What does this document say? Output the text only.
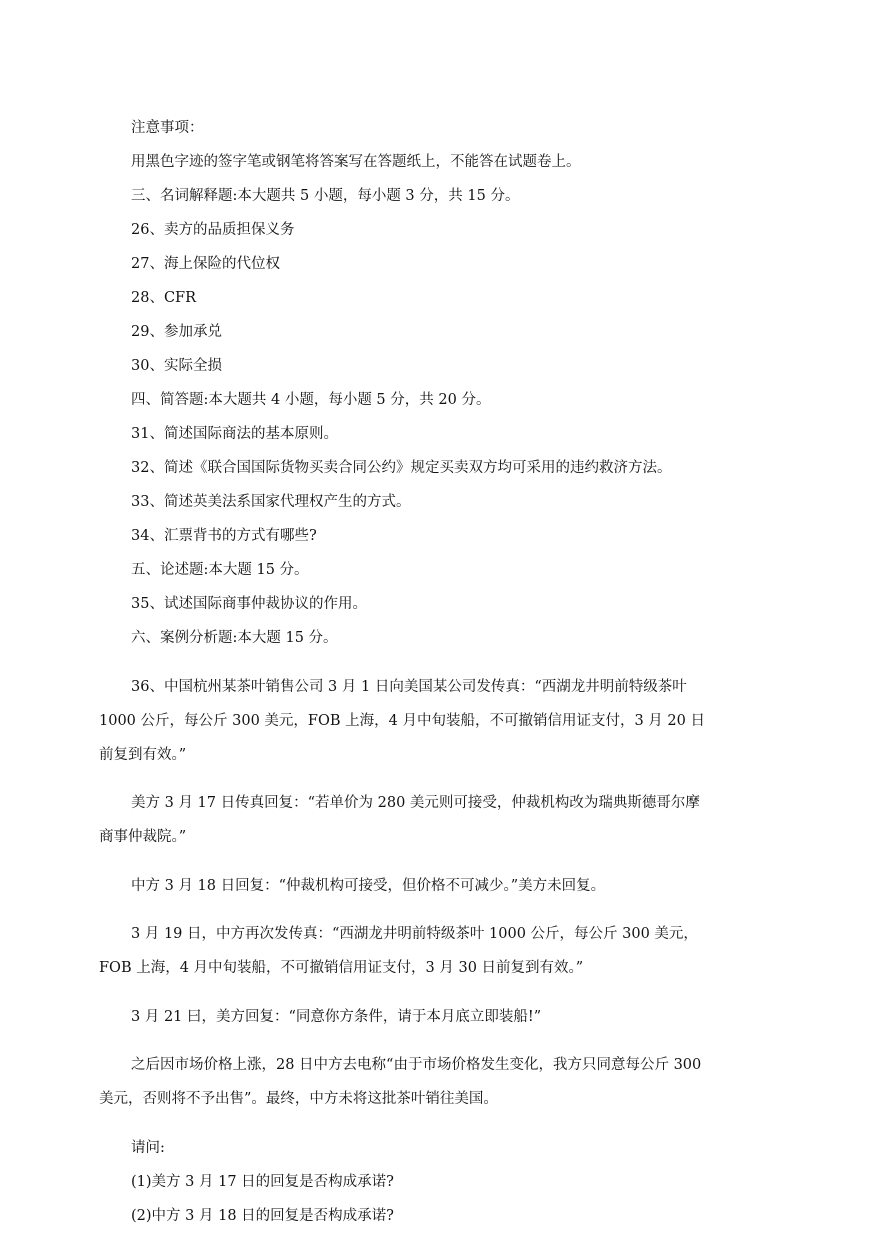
注意事项：

用黑色字迹的签字笔或钢笔将答案写在答题纸上，不能答在试题卷上。

三、名词解释题:本大题共 5 小题，每小题 3 分，共 15 分。

26、卖方的品质担保义务

27、海上保险的代位权

28、CFR

29、参加承兑

30、实际全损

四、简答题:本大题共 4 小题，每小题 5 分，共 20 分。

31、简述国际商法的基本原则。

32、简述《联合国国际货物买卖合同公约》规定买卖双方均可采用的违约救济方法。

33、简述英美法系国家代理权产生的方式。

34、汇票背书的方式有哪些?

五、论述题:本大题 15 分。

35、试述国际商事仲裁协议的作用。

六、案例分析题:本大题 15 分。

36、中国杭州某茶叶销售公司 3 月 1 日向美国某公司发传真：“西湖龙井明前特级茶叶 1000 公斤，每公斤 300 美元，FOB 上海，4 月中旬装船，不可撤销信用证支付，3 月 20 日前复到有效。”

美方 3 月 17 日传真回复：“若单价为 280 美元则可接受，仲裁机构改为瑞典斯德哥尔摩商事仲裁院。”

中方 3 月 18 日回复：“仲裁机构可接受，但价格不可减少。”美方未回复。

3 月 19 日，中方再次发传真：“西湖龙井明前特级茶叶 1000 公斤，每公斤 300 美元，FOB 上海，4 月中旬装船，不可撤销信用证支付，3 月 30 日前复到有效。”

3 月 21 曰，美方回复：“同意你方条件，请于本月底立即装船!”

之后因市场价格上涨，28 日中方去电称“由于市场价格发生变化，我方只同意每公斤 300 美元，否则将不予出售”。最终，中方未将这批茶叶销往美国。

请问:

(1)美方 3 月 17 日的回复是否构成承诺?

(2)中方 3 月 18 日的回复是否构成承诺?
